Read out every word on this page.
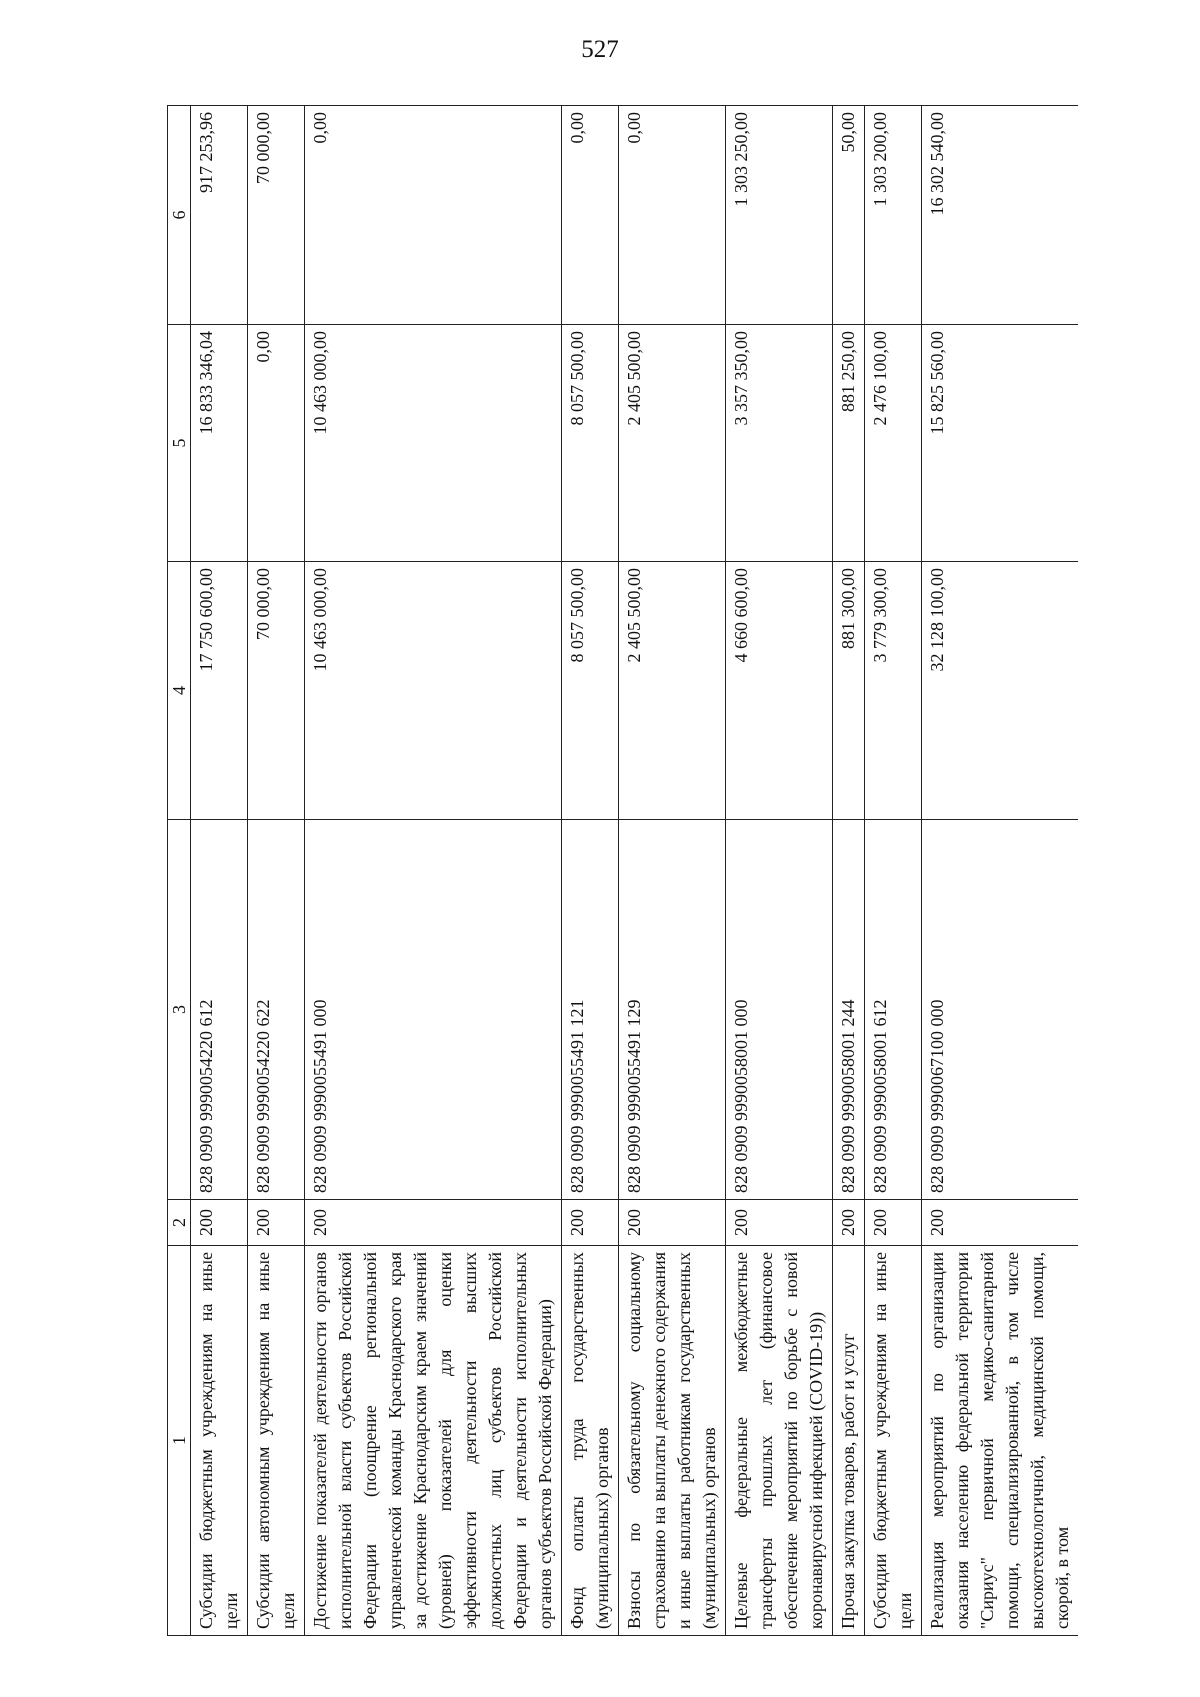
527
1	2	3	4	5	6
Субсидии бюджетным учреждениям на иные цели	200	828 0909 9990054220 612	17 750 600,00	16 833 346,04	917 253,96
Субсидии автономным учреждениям на иные цели	200	828 0909 9990054220 622	70 000,00	0,00	70 000,00
Достижение показателей деятельности органов исполнительной власти субъектов Российской Федерации (поощрение региональной управленческой команды Краснодарского края за достижение Краснодарским краем значений (уровней) показателей для оценки эффективности деятельности высших должностных лиц субъектов Российской Федерации и деятельности исполнительных органов субъектов Российской Федерации)	200	828 0909 9990055491 000	10 463 000,00	10 463 000,00	0,00
Фонд оплаты труда государственных (муниципальных) органов	200	828 0909 9990055491 121	8 057 500,00	8 057 500,00	0,00
Взносы по обязательному социальному страхованию на выплаты денежного содержания и иные выплаты работникам государственных (муниципальных) органов	200	828 0909 9990055491 129	2 405 500,00	2 405 500,00	0,00
Целевые федеральные межбюджетные трансферты прошлых лет (финансовое обеспечение мероприятий по борьбе с новой коронавирусной инфекцией (COVID-19))	200	828 0909 9990058001 000	4 660 600,00	3 357 350,00	1 303 250,00
Прочая закупка товаров, работ и услуг	200	828 0909 9990058001 244	881 300,00	881 250,00	50,00
Субсидии бюджетным учреждениям на иные цели	200	828 0909 9990058001 612	3 779 300,00	2 476 100,00	1 303 200,00
Реализация мероприятий по организации оказания населению федеральной территории "Сириус" первичной медико-санитарной помощи, специализированной, в том числе высокотехнологичной, медицинской помощи, скорой, в том	200	828 0909 9990067100 000	32 128 100,00	15 825 560,00	16 302 540,00
